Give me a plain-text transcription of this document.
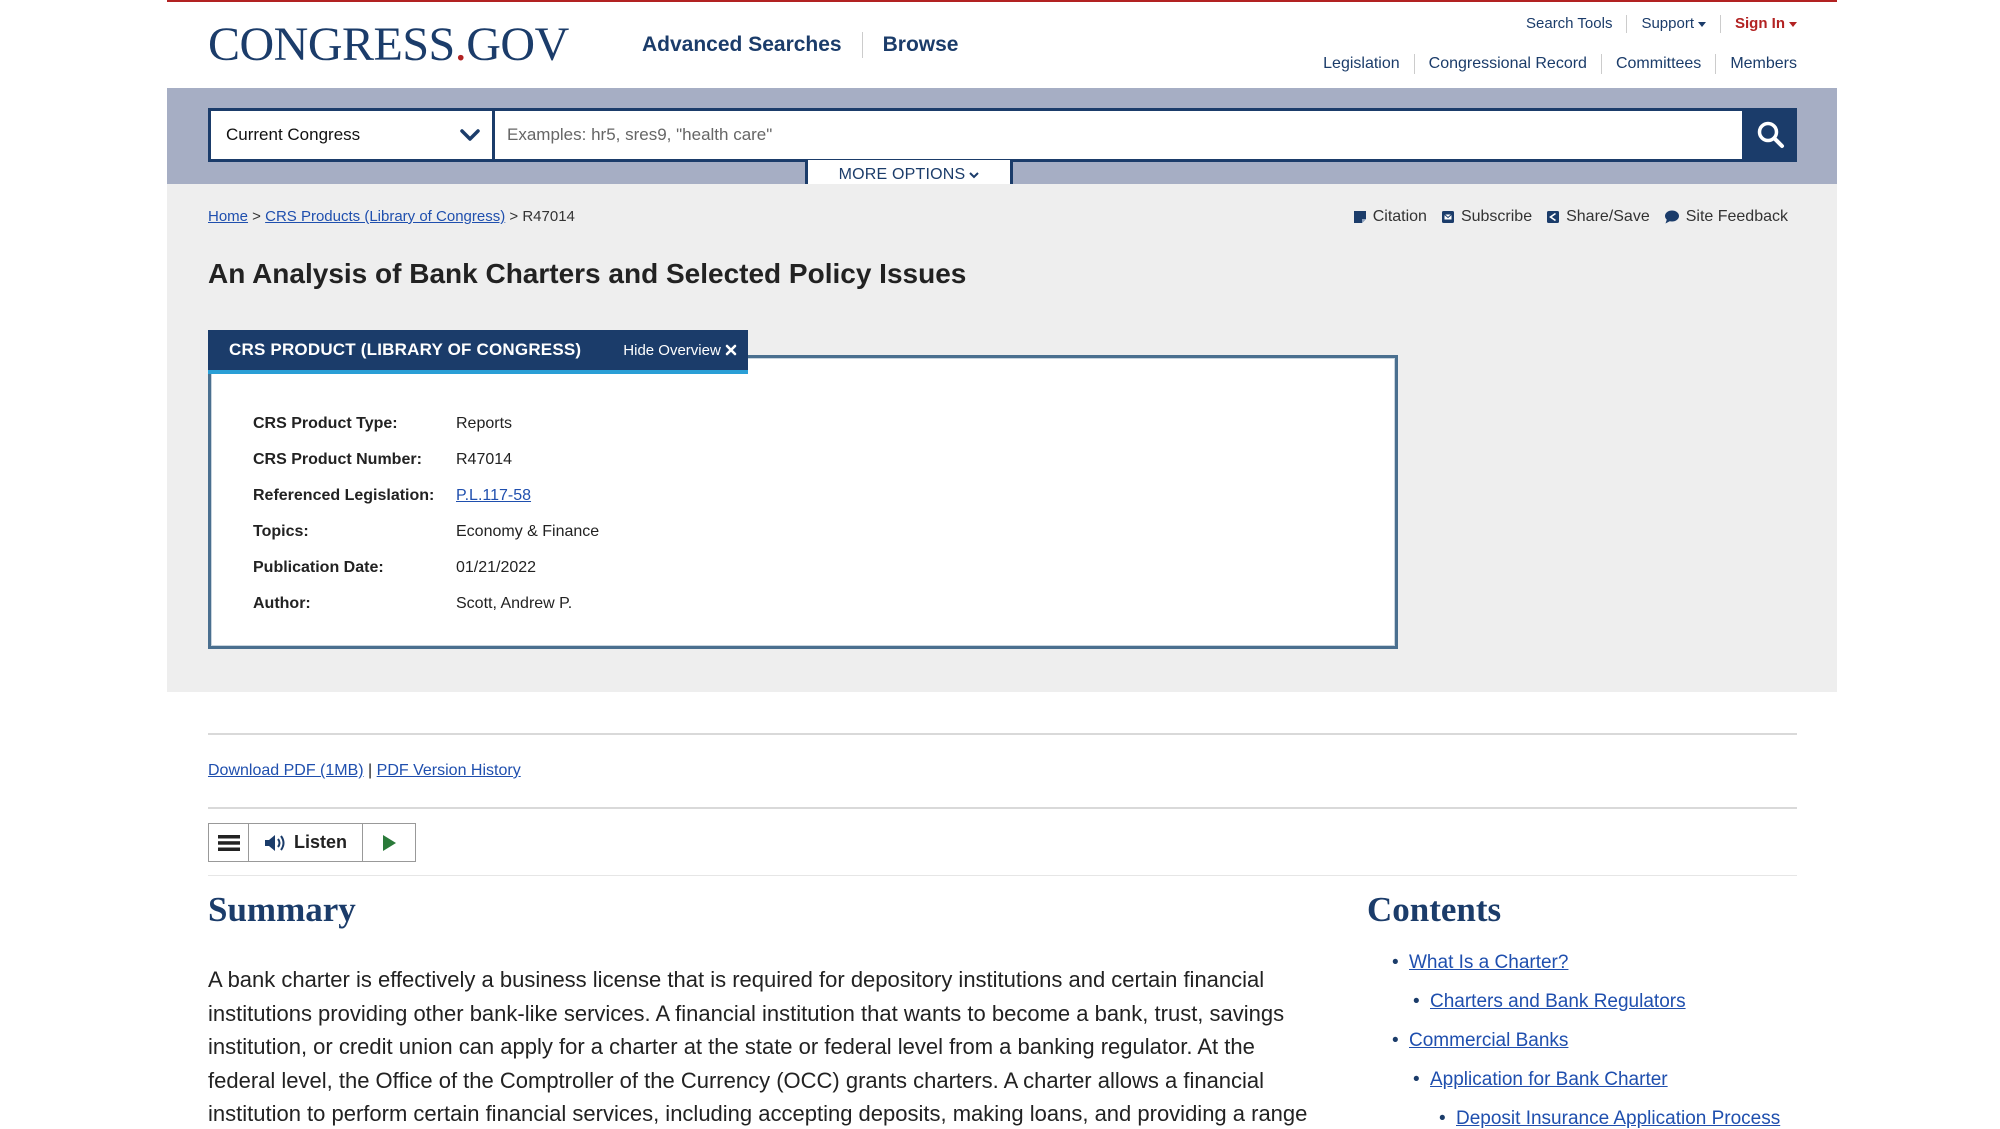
CONGRESS.GOV	Advanced Searches	Browse
Search Tools	Support	Sign In
Legislation	Congressional Record	Committees	Members
Current Congress
Examples: hr5, sres9, "health care"
MORE OPTIONS
Home > CRS Products (Library of Congress) > R47014	Citation Subscribe Share/Save Site Feedback
An Analysis of Bank Charters and Selected Policy Issues
CRS Product Type:	Reports
CRS Product Number:	R47014
Referenced Legislation:	P.L.117-58
Topics:	Economy & Finance
Publication Date:	01/21/2022
Author:	Scott, Andrew P.
CRS PRODUCT (LIBRARY OF CONGRESS)	Hide Overview
Download PDF (1MB) | PDF Version History
Listen
Summary
A bank charter is effectively a business license that is required for depository institutions and certain financial
institutions providing other bank-like services. A financial institution that wants to become a bank, trust, savings
institution, or credit union can apply for a charter at the state or federal level from a banking regulator. At the
federal level, the Office of the Comptroller of the Currency (OCC) grants charters. A charter allows a financial
institution to perform certain financial services, including accepting deposits, making loans, and providing a range
Contents
• What Is a Charter?
• Charters and Bank Regulators
• Commercial Banks
• Application for Bank Charter
• Deposit Insurance Application Process
